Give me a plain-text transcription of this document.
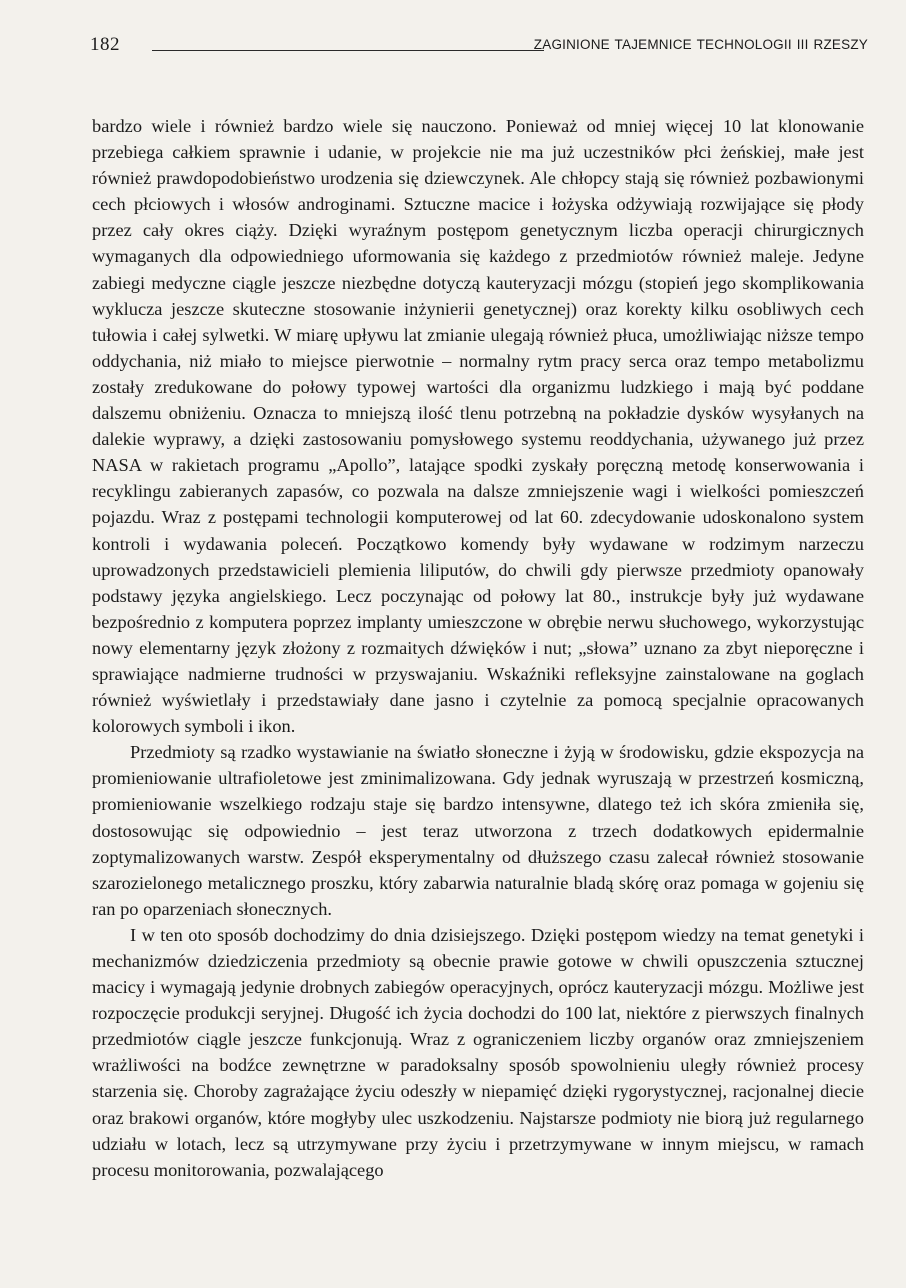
182	ZAGINIONE TAJEMNICE TECHNOLOGII III RZESZY

bardzo wiele i również bardzo wiele się nauczono. Ponieważ od mniej więcej 10 lat klonowanie przebiega całkiem sprawnie i udanie, w projekcie nie ma już uczestników płci żeńskiej, małe jest również prawdopodobieństwo urodzenia się dziewczynek. Ale chłopcy stają się również pozbawionymi cech płciowych i włosów androginami. Sztuczne macice i łożyska odżywiają rozwijające się płody przez cały okres ciąży. Dzięki wyraźnym postępom genetycznym liczba operacji chirurgicznych wymaganych dla odpowiedniego uformowania się każdego z przedmiotów również maleje. Jedyne zabiegi medyczne ciągle jeszcze niezbędne dotyczą kauteryzacji mózgu (stopień jego skomplikowania wyklucza jeszcze skuteczne stosowanie inżynierii genetycznej) oraz korekty kilku osobliwych cech tułowia i całej sylwetki. W miarę upływu lat zmianie ulegają również płuca, umożliwiając niższe tempo oddychania, niż miało to miejsce pierwotnie – normalny rytm pracy serca oraz tempo metabolizmu zostały zredukowane do połowy typowej wartości dla organizmu ludzkiego i mają być poddane dalszemu obniżeniu. Oznacza to mniejszą ilość tlenu potrzebną na pokładzie dysków wysyłanych na dalekie wyprawy, a dzięki zastosowaniu pomysłowego systemu reoddychania, używanego już przez NASA w rakietach programu „Apollo”, latające spodki zyskały poręczną metodę konserwowania i recyklingu zabieranych zapasów, co pozwala na dalsze zmniejszenie wagi i wielkości pomieszczeń pojazdu. Wraz z postępami technologii komputerowej od lat 60. zdecydowanie udoskonalono system kontroli i wydawania poleceń. Początkowo komendy były wydawane w rodzimym narzeczu uprowadzonych przedstawicieli plemienia liliputów, do chwili gdy pierwsze przedmioty opanowały podstawy języka angielskiego. Lecz poczynając od połowy lat 80., instrukcje były już wydawane bezpośrednio z komputera poprzez implanty umieszczone w obrębie nerwu słuchowego, wykorzystując nowy elementarny język złożony z rozmaitych dźwięków i nut; „słowa” uznano za zbyt nieporęczne i sprawiające nadmierne trudności w przyswajaniu. Wskaźniki refleksyjne zainstalowane na goglach również wyświetlały i przedstawiały dane jasno i czytelnie za pomocą specjalnie opracowanych kolorowych symboli i ikon.

Przedmioty są rzadko wystawianie na światło słoneczne i żyją w środowisku, gdzie ekspozycja na promieniowanie ultrafioletowe jest zminimalizowana. Gdy jednak wyruszają w przestrzeń kosmiczną, promieniowanie wszelkiego rodzaju staje się bardzo intensywne, dlatego też ich skóra zmieniła się, dostosowując się odpowiednio – jest teraz utworzona z trzech dodatkowych epidermalnie zoptymalizowanych warstw. Zespół eksperymentalny od dłuższego czasu zalecał również stosowanie szarozielonego metalicznego proszku, który zabarwia naturalnie bladą skórę oraz pomaga w gojeniu się ran po oparzeniach słonecznych.

I w ten oto sposób dochodzimy do dnia dzisiejszego. Dzięki postępom wiedzy na temat genetyki i mechanizmów dziedziczenia przedmioty są obecnie prawie gotowe w chwili opuszczenia sztucznej macicy i wymagają jedynie drobnych zabiegów operacyjnych, oprócz kauteryzacji mózgu. Możliwe jest rozpoczęcie produkcji seryjnej. Długość ich życia dochodzi do 100 lat, niektóre z pierwszych finalnych przedmiotów ciągle jeszcze funkcjonują. Wraz z ograniczeniem liczby organów oraz zmniejszeniem wrażliwości na bodźce zewnętrzne w paradoksalny sposób spowolnieniu uległy również procesy starzenia się. Choroby zagrażające życiu odeszły w niepamięć dzięki rygorystycznej, racjonalnej diecie oraz brakowi organów, które mogłyby ulec uszkodzeniu. Najstarsze podmioty nie biorą już regularnego udziału w lotach, lecz są utrzymywane przy życiu i przetrzymywane w innym miejscu, w ramach procesu monitorowania, pozwalającego
